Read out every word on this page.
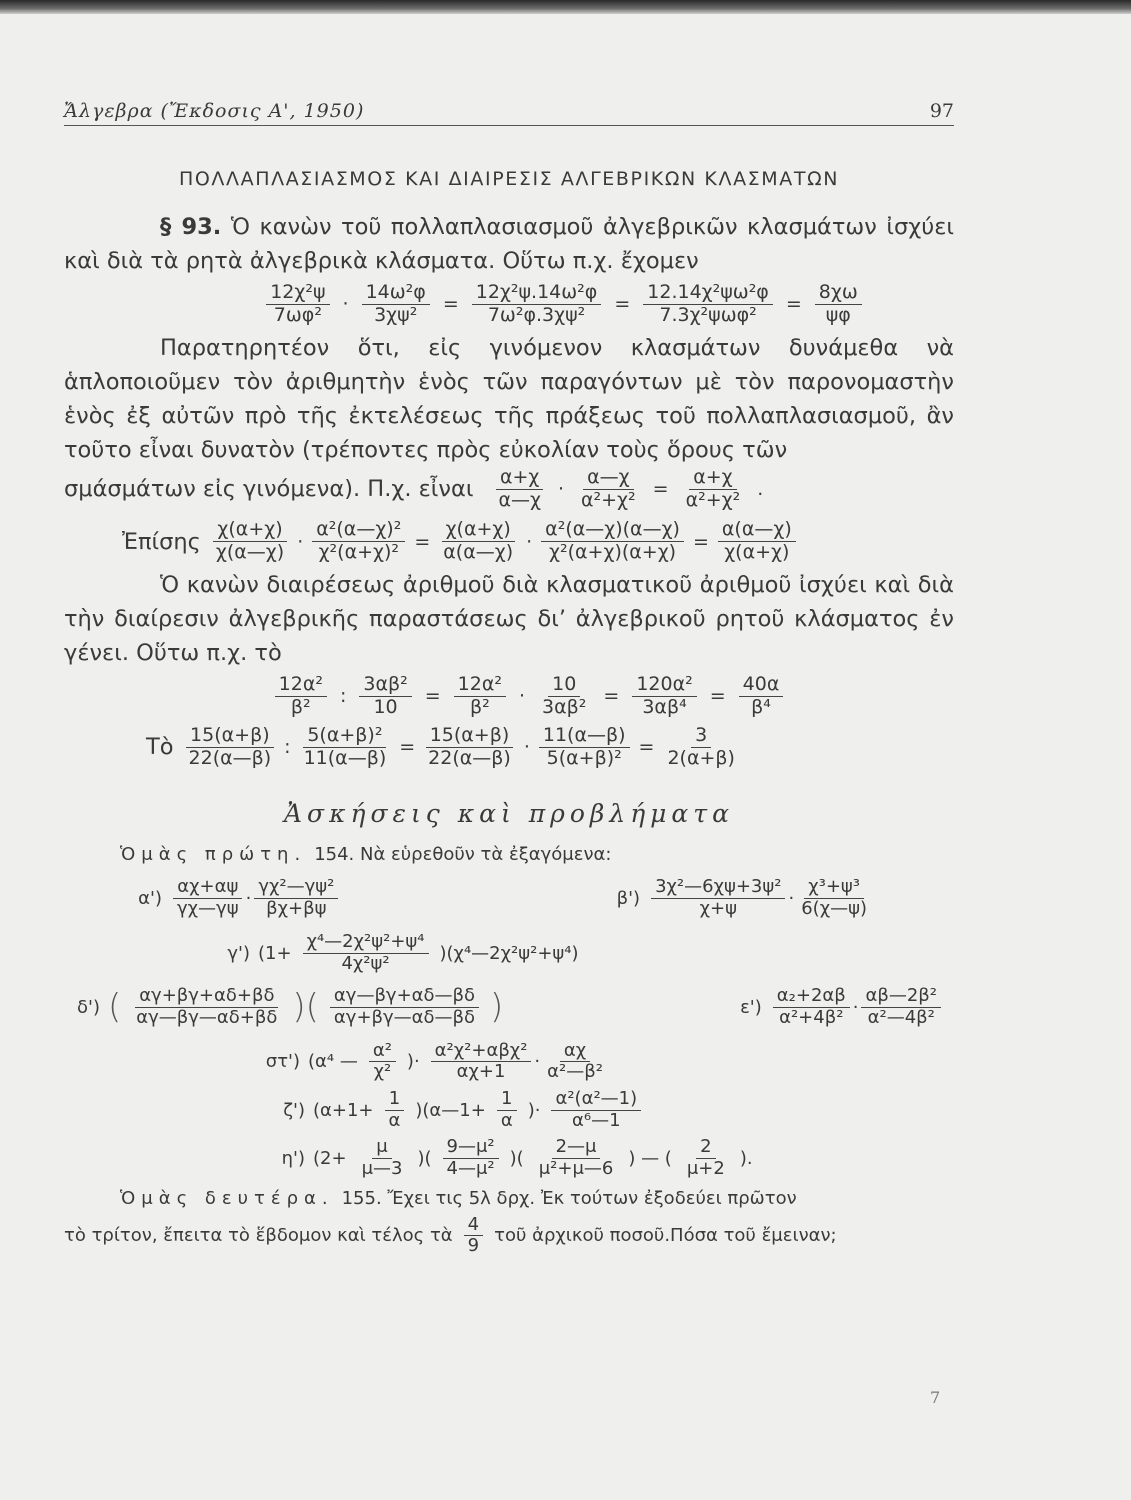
Ἄλγεβρα (Ἔκδοσις Α', 1950)	97
ΠΟΛΛΑΠΛΑΣΙΑΣΜΟΣ ΚΑΙ ΔΙΑΙΡΕΣΙΣ ΑΛΓΕΒΡΙΚΩΝ ΚΛΑΣΜΑΤΩΝ
§ 93. Ὁ κανὼν τοῦ πολλαπλασιασμοῦ ἀλγεβρικῶν κλασμάτων ἰσχύει καὶ διὰ τὰ ρητὰ ἀλγεβρικὰ κλάσματα. Οὕτω π.χ. ἔχομεν
$\frac{\text{12χ²ψ}}{\text{7ωφ²}} \cdot \frac{\text{14ω²φ}}{\text{3χψ²}} = \frac{\text{12χ²ψ.14ω²φ}}{\text{7ω²φ.3χψ²}}$ =
12.14χ²ψω²φ
$7.3\chi^2\psi\omega\varphi^2 = \frac{8\chi\omega}{\psi\varphi}$
Παρατηρητέον ὅτι, εἰς γινόμενον κλασμάτων δυνάμεθα νὰ ἁπλοποιοῦμεν τὸν ἀριθμητὴν ἑνὸς τῶν παραγόντων μὲ τὸν παρονομαστὴν ἑνὸς ἐξ αὐτῶν πρὸ τῆς ἐκτελέσεως τῆς πράξεως τοῦ πολλαπλασιασμοῦ, ἂν τοῦτο εἶναι δυνατὸν (τρέποντες πρὸς εὐκολίαν τοὺς ὅρους τῶν
σμάσμάτων εἰς γινόμενα). Π.χ. εἶναι $\frac{\alpha+\chi}{\alpha—\chi} \cdot \frac{\alpha—\chi}{\text{α²+χ²}} = \frac{\alpha+\chi}{\text{α²+χ²}}$ .
Ἐπίσης $\frac{\chi(\alpha+\chi)}{\chi(\alpha—\chi)} \cdot \frac{\text{α²(α—χ)²}}{\text{χ²(α+χ)²}} = \frac{\chi(\alpha+\chi)}{\alpha(\alpha—\chi)} \cdot \frac{\text{α²(α—χ)(α—χ)}}{\text{χ²(α+χ)(α+χ)}} = \frac{\alpha(\alpha—\chi)}{\chi(\alpha+\chi)}$
Ὁ κανὼν διαιρέσεως ἀριθμοῦ διὰ κλασματικοῦ ἀριθμοῦ ἰσχύει καὶ διὰ τὴν διαίρεσιν ἀλγεβρικῆς παραστάσεως δι’ ἀλγεβρικοῦ ρητοῦ κλάσματος ἐν γένει. Οὕτω π.χ. τὸ
$\frac{\text{12α²}}{\text{β²}}$ : $\frac{\text{3αβ²}}{10} = \frac{\text{12α²}}{\text{β²}} \cdot \frac{10}{\text{3αβ²}} = \frac{\text{120α²}}{\text{3αβ⁴}} = \frac{40\alpha}{\text{β⁴}}$
Τὸ $\frac{15(\alpha+\beta)}{22(\alpha—\beta)}$ : $\frac{\text{5(α+β)²}}{11(\alpha—\beta)} = \frac{15(\alpha+\beta)}{22(\alpha—\beta)} \cdot \frac{11(\alpha—\beta)}{\text{5(α+β)²}} = \frac{3}{2(\alpha+\beta)}$
Ἀσκήσεις καὶ προβλήματα
Ὁμὰς πρώτη. 154. Νὰ εὑρεθοῦν τὰ ἐξαγόμενα:
$\alpha') \frac{\alpha\chi+\alpha\psi}{\gamma\chi—\gamma\psi} \cdot \frac{\text{γχ²—γψ²}}{\beta\chi+\beta\psi}$	$\beta') \frac{\text{3χ²—6χψ+3ψ²}}{\chi+\psi} \cdot \frac{\text{χ³+ψ³}}{6(\chi—\psi)}$
γ') ($1+ \frac{\text{χ⁴—2χ²ψ²+ψ⁴}}{\text{4χ²ψ²}}$ )(χ⁴—2χ²ψ²+ψ⁴)
δ') ( $\frac{\alpha\gamma+\beta\gamma+\alpha\delta+\beta\delta}{\alpha\gamma—\beta\gamma—\alpha\delta+\beta\delta}$ )( $\frac{\alpha\gamma—\beta\gamma+\alpha\delta—\beta\delta}{\alpha\gamma+\beta\gamma—\alpha\delta—\beta\delta}$ )	$\varepsilon') \frac{\text{α₂+2αβ}}{\text{α²+4β²}} \cdot \frac{\text{αβ—2β²}}{\text{α²—4β²}}$
στ') (α⁴ — $\frac{\text{α²}}{\text{χ²}}$ )·
α²χ²+αβχ²
$\alpha\chi+1 \cdot \frac{\alpha\chi}{\text{α²—β²}}$
ζ') ($\alpha+1+ \frac{1}{\alpha}$ )(α—1+ $\frac{1}{\alpha}$ )· $\frac{\text{α²(α²—1)}}{\text{α⁶—1}}$
η') ($2+ \frac{\mu}{\mu—3}$ )( $\frac{\text{9—μ²}}{\text{4—μ²}}$ )( $\frac{2—\mu}{\text{μ²+μ—6}}$ ) — ( $\frac{2}{\mu+2}$ ).
Ὁμὰς δευτέρα. 155. Ἔχει τις 5λ δρχ. Ἐκ τούτων ἐξοδεύει πρῶτον
τὸ τρίτον, ἔπειτα τὸ ἕβδομον καὶ τέλος τὰ $\frac{4}{9}$ τοῦ ἀρχικοῦ ποσοῦ.Πόσα τοῦ ἔμειναν;
7
